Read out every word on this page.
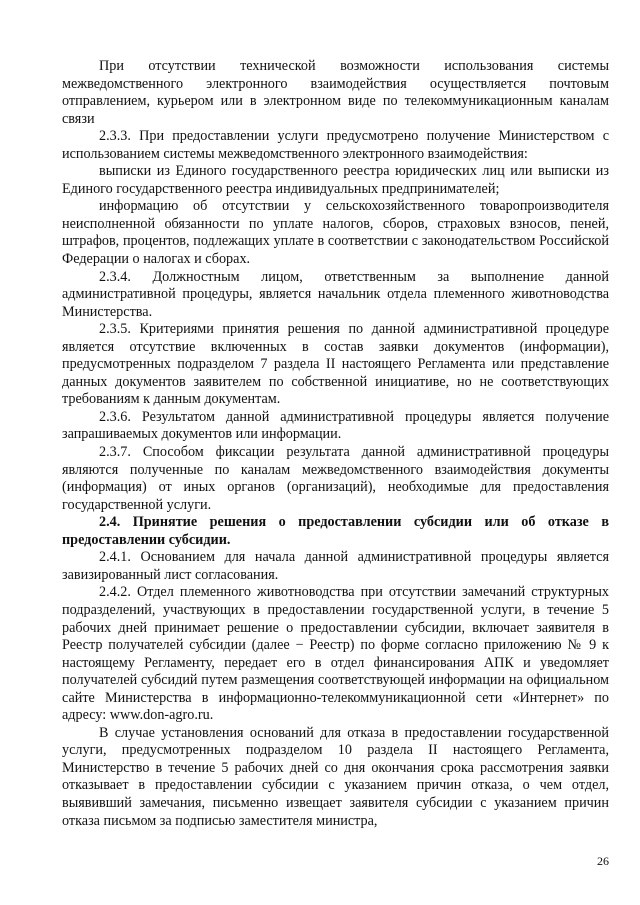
При отсутствии технической возможности использования системы межведомственного электронного взаимодействия осуществляется почтовым отправлением, курьером или в электронном виде по телекоммуникационным каналам связи

2.3.3. При предоставлении услуги предусмотрено получение Министерством с использованием системы межведомственного электронного взаимодействия:

выписки из Единого государственного реестра юридических лиц или выписки из Единого государственного реестра индивидуальных предпринимателей;

информацию об отсутствии у сельскохозяйственного товаропроизводителя неисполненной обязанности по уплате налогов, сборов, страховых взносов, пеней, штрафов, процентов, подлежащих уплате в соответствии с законодательством Российской Федерации о налогах и сборах.

2.3.4. Должностным лицом, ответственным за выполнение данной административной процедуры, является начальник отдела племенного животноводства Министерства.

2.3.5. Критериями принятия решения по данной административной процедуре является отсутствие включенных в состав заявки документов (информации), предусмотренных подразделом 7 раздела II настоящего Регламента или представление данных документов заявителем по собственной инициативе, но не соответствующих требованиям к данным документам.

2.3.6. Результатом данной административной процедуры является получение запрашиваемых документов или информации.

2.3.7. Способом фиксации результата данной административной процедуры являются полученные по каналам межведомственного взаимодействия документы (информация) от иных органов (организаций), необходимые для предоставления государственной услуги.

2.4. Принятие решения о предоставлении субсидии или об отказе в предоставлении субсидии.

2.4.1. Основанием для начала данной административной процедуры является завизированный лист согласования.

2.4.2. Отдел племенного животноводства при отсутствии замечаний структурных подразделений, участвующих в предоставлении государственной услуги, в течение 5 рабочих дней принимает решение о предоставлении субсидии, включает заявителя в Реестр получателей субсидии (далее − Реестр) по форме согласно приложению № 9 к настоящему Регламенту, передает его в отдел финансирования АПК и уведомляет получателей субсидий путем размещения соответствующей информации на официальном сайте Министерства в информационно-телекоммуникационной сети «Интернет» по адресу: www.don-agro.ru.

В случае установления оснований для отказа в предоставлении государственной услуги, предусмотренных подразделом 10 раздела II настоящего Регламента, Министерство в течение 5 рабочих дней со дня окончания срока рассмотрения заявки отказывает в предоставлении субсидии с указанием причин отказа, о чем отдел, выявивший замечания, письменно извещает заявителя субсидии с указанием причин отказа письмом за подписью заместителя министра,

26
